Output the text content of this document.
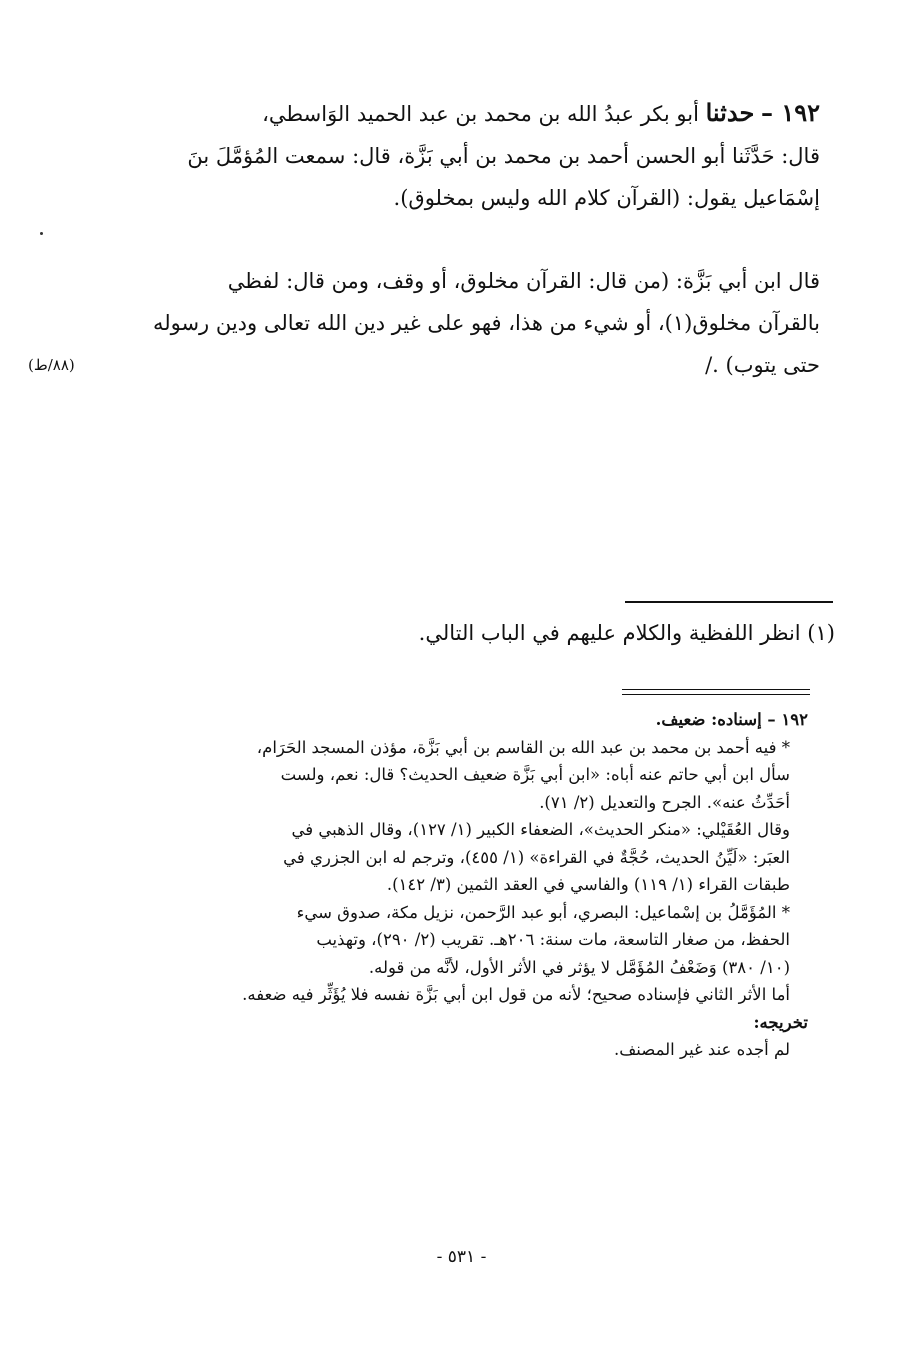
١٩٢ – حدثنا أبو بكر عبدُ الله بن محمد بن عبد الحميد الوَاسطي،

قال: حَدَّثَنا أبو الحسن أحمد بن محمد بن أبي بَزَّة، قال: سمعت المُؤمَّلَ بنَ

إسْمَاعيل يقول: (القرآن كلام الله وليس بمخلوق).

قال ابن أبي بَزَّة: (من قال: القرآن مخلوق، أو وقف، ومن قال: لفظي

بالقرآن مخلوق(١)، أو شيء من هذا، فهو على غير دين الله تعالى ودين رسوله

حتى يتوب) ./

(٨٨/ط)

(١) انظر اللفظية والكلام عليهم في الباب التالي.

١٩٢ – إسناده: ضعيف.

* فيه أحمد بن محمد بن عبد الله بن القاسم بن أبي بَزَّة، مؤذن المسجد الحَرَام،

سأل ابن أبي حاتم عنه أباه: «ابن أبي بَزَّة ضعيف الحديث؟ قال: نعم، ولست

أحَدِّثُ عنه». الجرح والتعديل (٢/ ٧١).

وقال العُقَيْلي: «منكر الحديث»، الضعفاء الكبير (١/ ١٢٧)، وقال الذهبي في

العبَر: «لَيِّنُ الحديث، حُجَّةٌ في القراءة» (١/ ٤٥٥)، وترجم له ابن الجزري في

طبقات القراء (١/ ١١٩) والفاسي في العقد الثمين (٣/ ١٤٢).

* المُؤَمَّلُ بن إسْماعيل: البصري، أبو عبد الرَّحمن، نزيل مكة، صدوق سيء

الحفظ، من صغار التاسعة، مات سنة: ٢٠٦هـ. تقريب (٢/ ٢٩٠)، وتهذيب

(١٠/ ٣٨٠) وَضَعْفُ المُؤَمَّل لا يؤثر في الأثر الأول، لأنَّه من قوله.

أما الأثر الثاني فإسناده صحيح؛ لأنه من قول ابن أبي بَزَّة نفسه فلا يُؤَثِّر فيه ضعفه.

تخريجه:

لم أجده عند غير المصنف.

- ٥٣١ -
